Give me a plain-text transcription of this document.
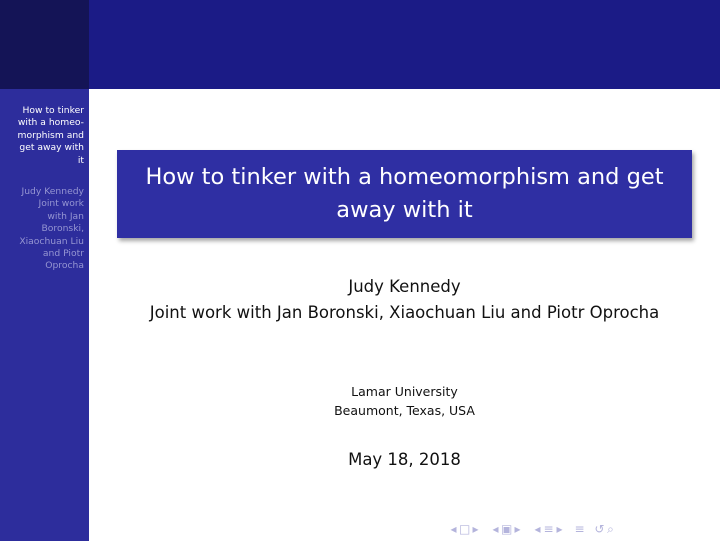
How to tinker
with a homeo-
morphism and
get away with
it
Judy Kennedy
Joint work
with Jan
Boronski,
Xiaochuan Liu
and Piotr
Oprocha
How to tinker with a homeomorphism and get away with it
Judy Kennedy
Joint work with Jan Boronski, Xiaochuan Liu and Piotr Oprocha
Lamar University
Beaumont, Texas, USA
May 18, 2018
◂ □ ▸ ◂ ▣ ▸ ◂ ≡ ▸ ≡ ↺ ⌕
